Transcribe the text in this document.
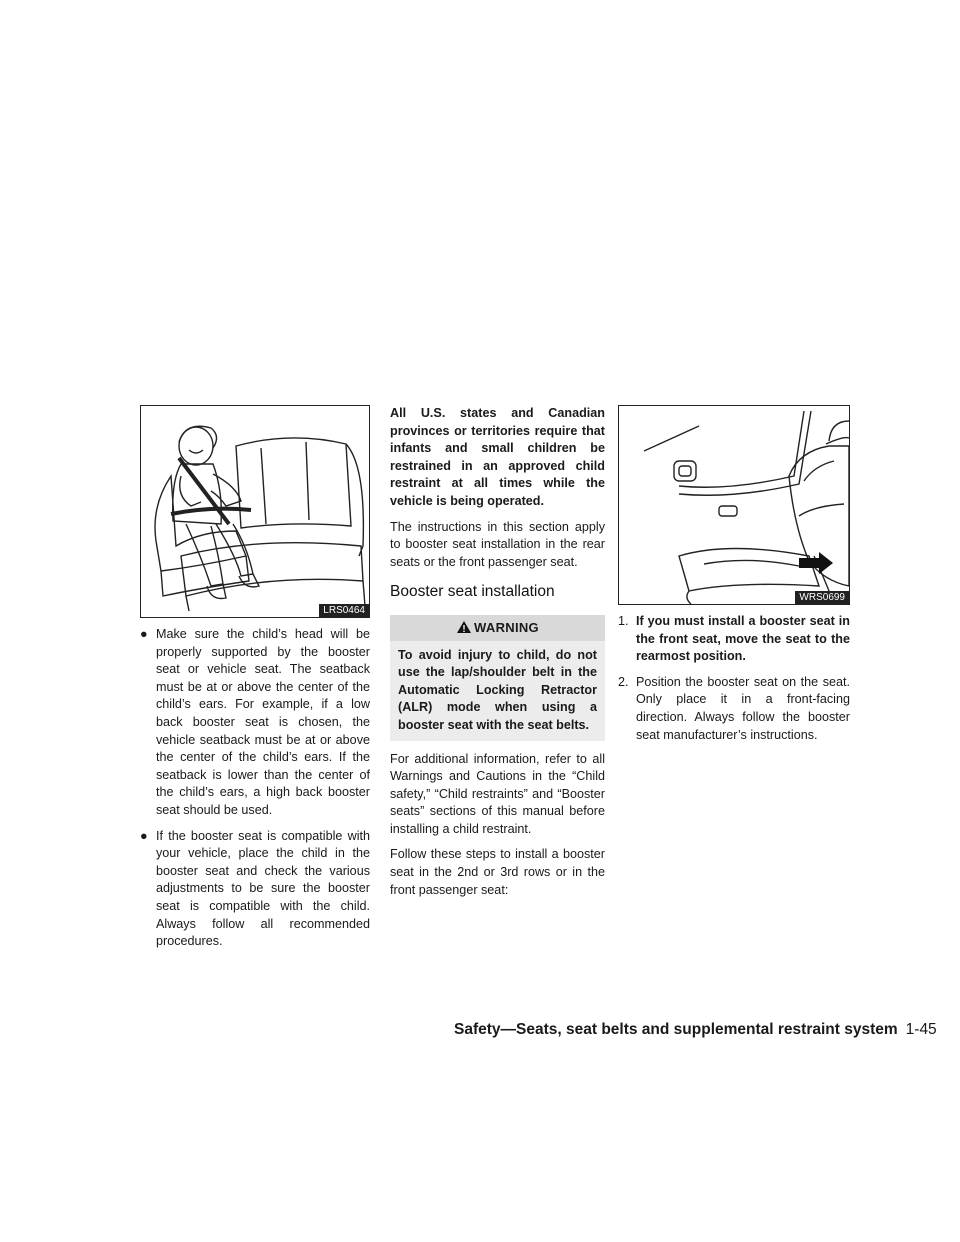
LRS0464
● Make sure the child’s head will be properly supported by the booster seat or vehicle seat. The seatback must be at or above the center of the child’s ears. For example, if a low back booster seat is chosen, the vehicle seatback must be at or above the center of the child’s ears. If the seatback is lower than the center of the child’s ears, a high back booster seat should be used.
● If the booster seat is compatible with your vehicle, place the child in the booster seat and check the various adjustments to be sure the booster seat is compatible with the child. Always follow all recommended procedures.

All U.S. states and Canadian provinces or territories require that infants and small children be restrained in an approved child restraint at all times while the vehicle is being operated.

The instructions in this section apply to booster seat installation in the rear seats or the front passenger seat.

Booster seat installation
WARNING
To avoid injury to child, do not use the lap/shoulder belt in the Automatic Locking Retractor (ALR) mode when using a booster seat with the seat belts.

For additional information, refer to all Warnings and Cautions in the “Child safety,” “Child restraints” and “Booster seats” sections of this manual before installing a child restraint.

Follow these steps to install a booster seat in the 2nd or 3rd rows or in the front passenger seat:

WRS0699
1. If you must install a booster seat in the front seat, move the seat to the rearmost position.
2. Position the booster seat on the seat. Only place it in a front-facing direction. Always follow the booster seat manufacturer’s instructions.
Safety—Seats, seat belts and supplemental restraint system 1-45
